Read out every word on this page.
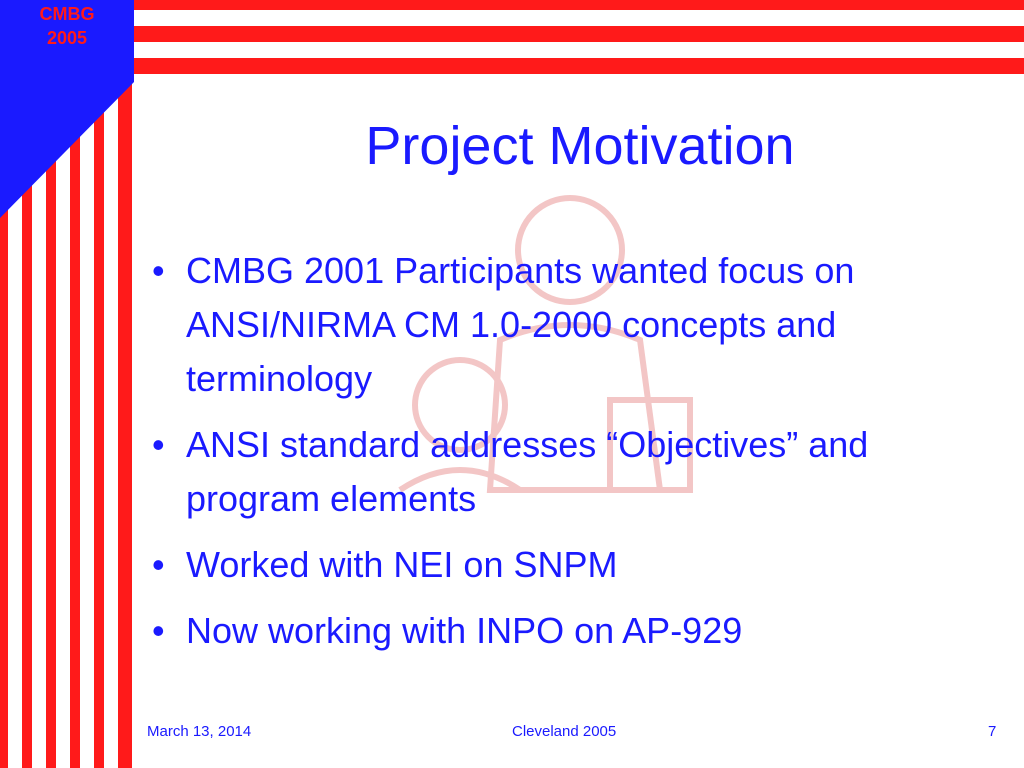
CMBG
2005
Project Motivation
• CMBG 2001 Participants wanted focus on ANSI/NIRMA CM 1.0-2000 concepts and terminology
• ANSI standard addresses “Objectives” and program elements
• Worked with NEI on SNPM
• Now working with INPO on AP-929
March 13, 2014	Cleveland 2005	7
